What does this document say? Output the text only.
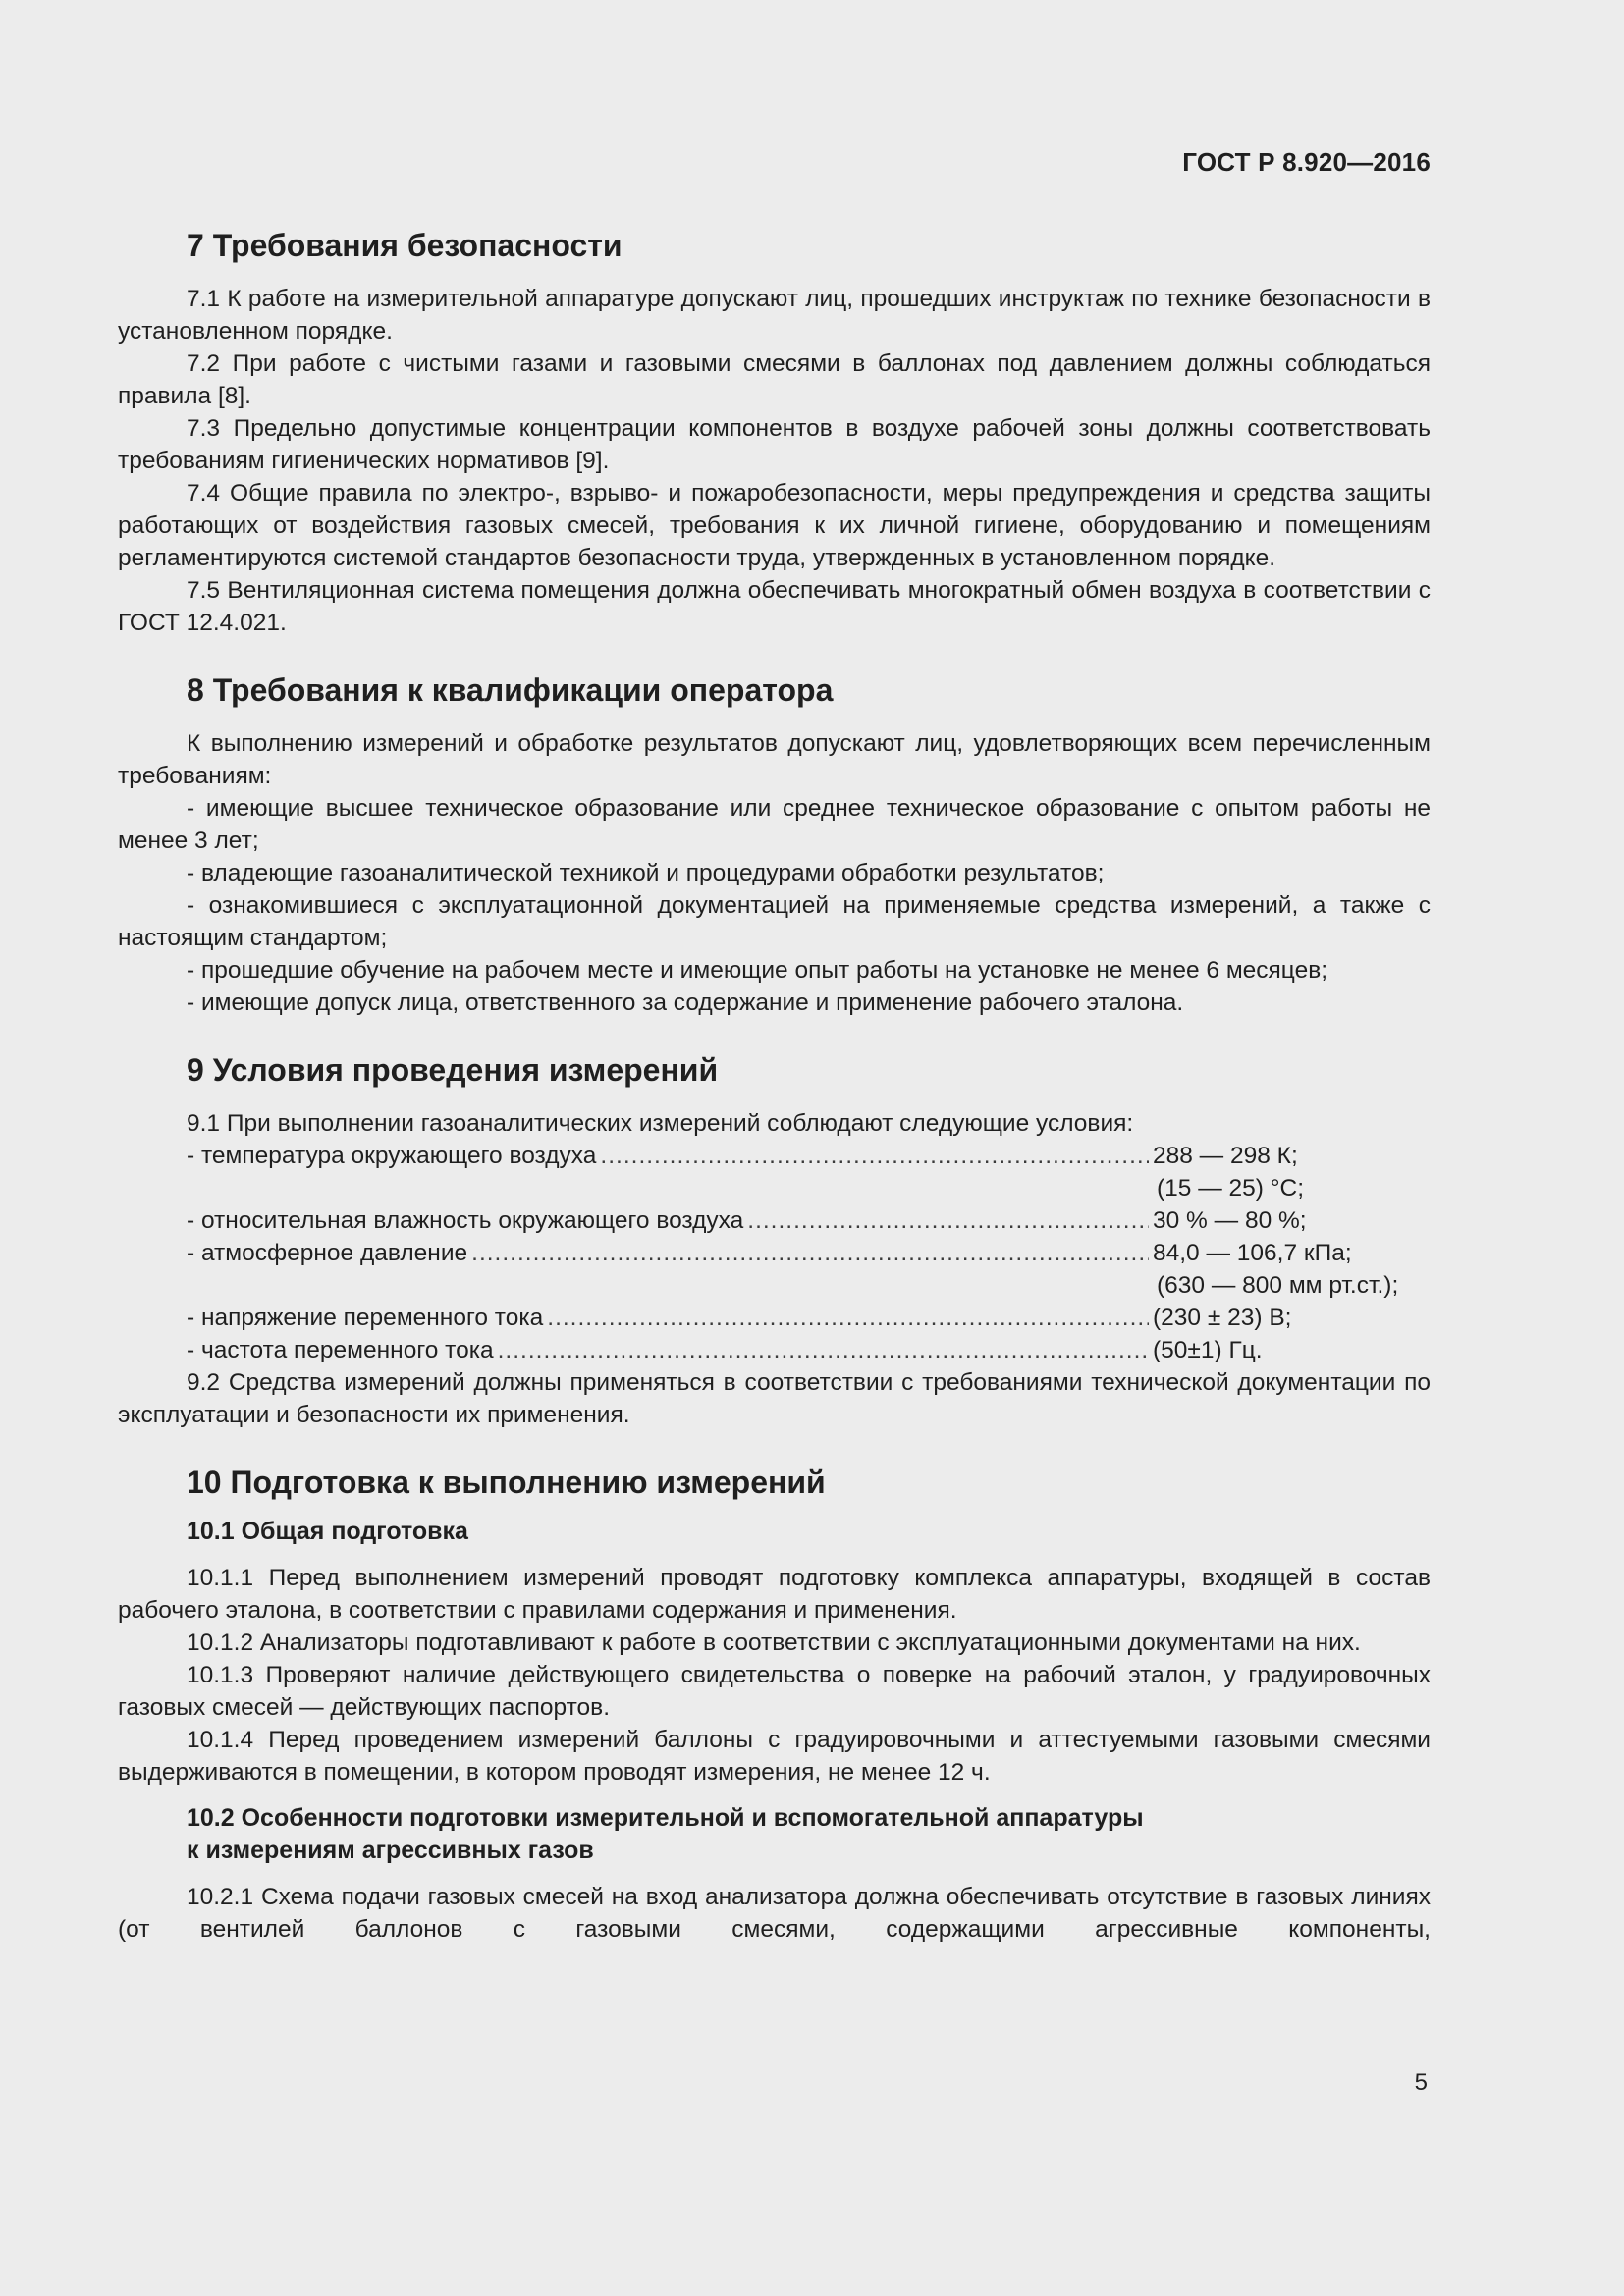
ГОСТ Р 8.920—2016
7 Требования безопасности

7.1 К работе на измерительной аппаратуре допускают лиц, прошедших инструктаж по технике безопасности в установленном порядке.

7.2 При работе с чистыми газами и газовыми смесями в баллонах под давлением должны соблюдаться правила [8].

7.3 Предельно допустимые концентрации компонентов в воздухе рабочей зоны должны соответствовать требованиям гигиенических нормативов [9].

7.4 Общие правила по электро-, взрыво- и пожаробезопасности, меры предупреждения и средства защиты работающих от воздействия газовых смесей, требования к их личной гигиене, оборудованию и помещениям регламентируются системой стандартов безопасности труда, утвержденных в установленном порядке.

7.5 Вентиляционная система помещения должна обеспечивать многократный обмен воздуха в соответствии с ГОСТ 12.4.021.

8 Требования к квалификации оператора

К выполнению измерений и обработке результатов допускают лиц, удовлетворяющих всем перечисленным требованиям:

- имеющие высшее техническое образование или среднее техническое образование с опытом работы не менее 3 лет;

- владеющие газоаналитической техникой и процедурами обработки результатов;

- ознакомившиеся с эксплуатационной документацией на применяемые средства измерений, а также с настоящим стандартом;

- прошедшие обучение на рабочем месте и имеющие опыт работы на установке не менее 6 месяцев;

- имеющие допуск лица, ответственного за содержание и применение рабочего эталона.

9 Условия проведения измерений

9.1 При выполнении газоаналитических измерений соблюдают следующие условия:

- температура окружающего воздуха .....	288 — 298 К;
(15 — 25) °С;
- относительная влажность окружающего воздуха .....	30 % — 80 %;
- атмосферное давление .....	84,0 — 106,7 кПа;
(630 — 800 мм рт.ст.);
- напряжение переменного тока .....	(230 ± 23) В;
- частота переменного тока .....	(50±1) Гц.

9.2 Средства измерений должны применяться в соответствии с требованиями технической документации по эксплуатации и безопасности их применения.

10 Подготовка к выполнению измерений
10.1 Общая подготовка

10.1.1 Перед выполнением измерений проводят подготовку комплекса аппаратуры, входящей в состав рабочего эталона, в соответствии с правилами содержания и применения.

10.1.2 Анализаторы подготавливают к работе в соответствии с эксплуатационными документами на них.

10.1.3 Проверяют наличие действующего свидетельства о поверке на рабочий эталон, у градуировочных газовых смесей — действующих паспортов.

10.1.4 Перед проведением измерений баллоны с градуировочными и аттестуемыми газовыми смесями выдерживаются в помещении, в котором проводят измерения, не менее 12 ч.

10.2 Особенности подготовки измерительной и вспомогательной аппаратуры
к измерениям агрессивных газов

10.2.1 Схема подачи газовых смесей на вход анализатора должна обеспечивать отсутствие в газовых линиях (от вентилей баллонов с газовыми смесями, содержащими агрессивные компоненты,

5
